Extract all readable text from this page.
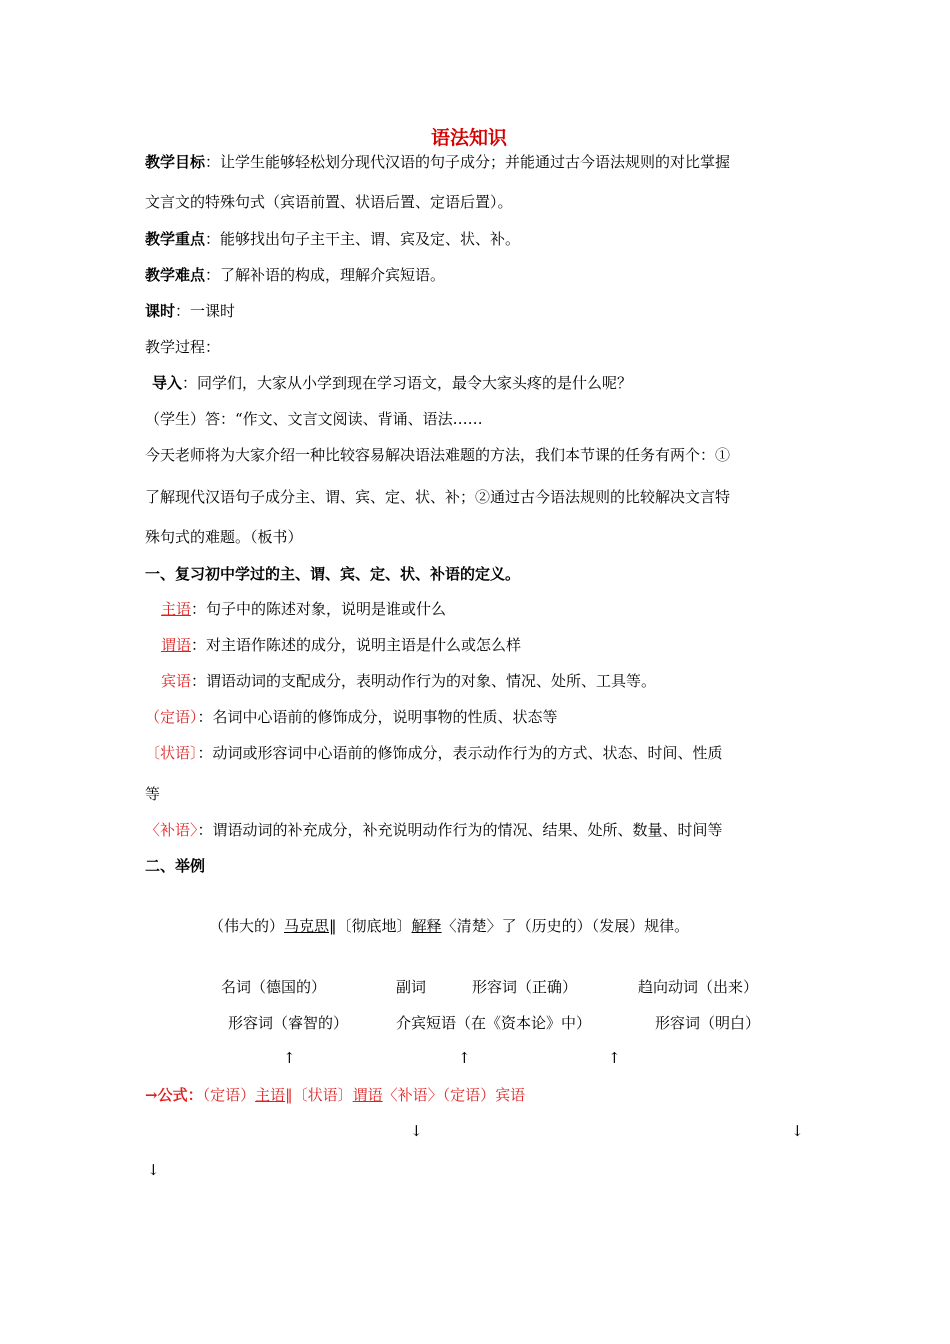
语法知识
教学目标：让学生能够轻松划分现代汉语的句子成分；并能通过古今语法规则的对比掌握
文言文的特殊句式（宾语前置、状语后置、定语后置）。
教学重点：能够找出句子主干主、谓、宾及定、状、补。
教学难点：了解补语的构成，理解介宾短语。
课时：一课时
教学过程：
导入：同学们，大家从小学到现在学习语文，最令大家头疼的是什么呢？
（学生）答：“作文、文言文阅读、背诵、语法……
今天老师将为大家介绍一种比较容易解决语法难题的方法，我们本节课的任务有两个：①
了解现代汉语句子成分主、谓、宾、定、状、补；②通过古今语法规则的比较解决文言特
殊句式的难题。（板书）
一、复习初中学过的主、谓、宾、定、状、补语的定义。
主语：句子中的陈述对象，说明是谁或什么
谓语：对主语作陈述的成分，说明主语是什么或怎么样
宾语：谓语动词的支配成分，表明动作行为的对象、情况、处所、工具等。
（定语）：名词中心语前的修饰成分，说明事物的性质、状态等
〔状语〕：动词或形容词中心语前的修饰成分，表示动作行为的方式、状态、时间、性质
等
〈补语〉：谓语动词的补充成分，补充说明动作行为的情况、结果、处所、数量、时间等
二、举例
（伟大的）马克思‖〔彻底地〕解释〈清楚〉了（历史的）（发展）规律。
名词（德国的）	副词	形容词（正确）	趋向动词（出来）
形容词（睿智的）	介宾短语（在《资本论》中）	形容词（明白）
↑	↑	↑
→公式：（定语）主语‖〔状语〕谓语〈补语〉（定语）宾语
↓	↓
↓
